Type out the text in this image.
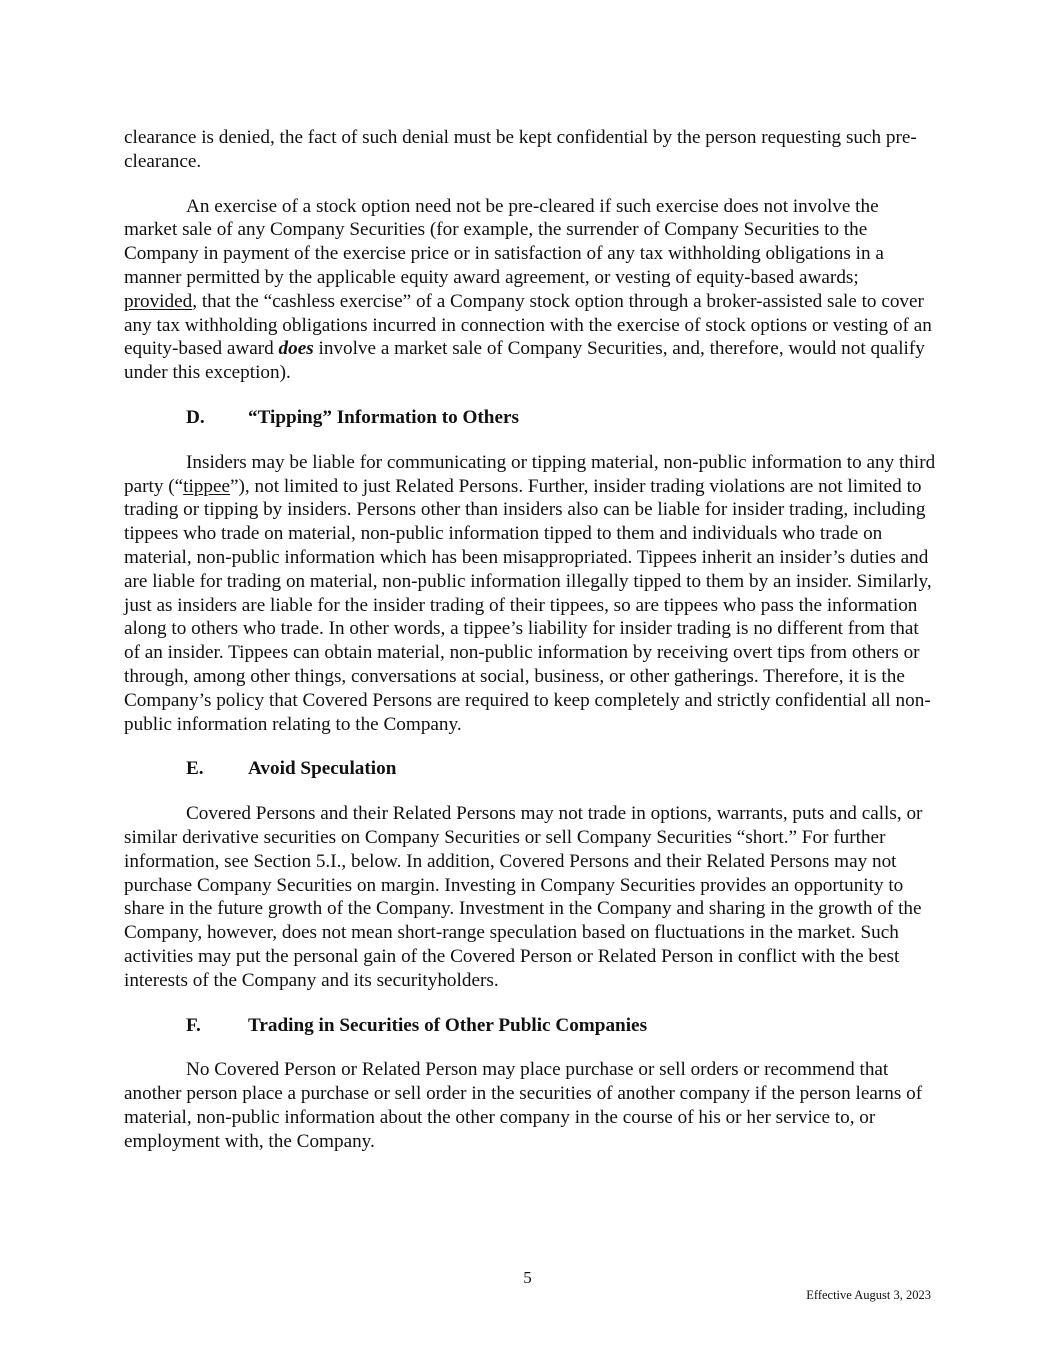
clearance is denied, the fact of such denial must be kept confidential by the person requesting such pre-clearance.

An exercise of a stock option need not be pre-cleared if such exercise does not involve the market sale of any Company Securities (for example, the surrender of Company Securities to the Company in payment of the exercise price or in satisfaction of any tax withholding obligations in a manner permitted by the applicable equity award agreement, or vesting of equity-based awards; provided, that the “cashless exercise” of a Company stock option through a broker-assisted sale to cover any tax withholding obligations incurred in connection with the exercise of stock options or vesting of an equity-based award does involve a market sale of Company Securities, and, therefore, would not qualify under this exception).

D.	“Tipping” Information to Others

Insiders may be liable for communicating or tipping material, non-public information to any third party (“tippee”), not limited to just Related Persons. Further, insider trading violations are not limited to trading or tipping by insiders. Persons other than insiders also can be liable for insider trading, including tippees who trade on material, non-public information tipped to them and individuals who trade on material, non-public information which has been misappropriated. Tippees inherit an insider’s duties and are liable for trading on material, non-public information illegally tipped to them by an insider. Similarly, just as insiders are liable for the insider trading of their tippees, so are tippees who pass the information along to others who trade. In other words, a tippee’s liability for insider trading is no different from that of an insider. Tippees can obtain material, non-public information by receiving overt tips from others or through, among other things, conversations at social, business, or other gatherings. Therefore, it is the Company’s policy that Covered Persons are required to keep completely and strictly confidential all non-public information relating to the Company.

E.	Avoid Speculation

Covered Persons and their Related Persons may not trade in options, warrants, puts and calls, or similar derivative securities on Company Securities or sell Company Securities “short.” For further information, see Section 5.I., below. In addition, Covered Persons and their Related Persons may not purchase Company Securities on margin. Investing in Company Securities provides an opportunity to share in the future growth of the Company. Investment in the Company and sharing in the growth of the Company, however, does not mean short-range speculation based on fluctuations in the market. Such activities may put the personal gain of the Covered Person or Related Person in conflict with the best interests of the Company and its securityholders.

F.	Trading in Securities of Other Public Companies

No Covered Person or Related Person may place purchase or sell orders or recommend that another person place a purchase or sell order in the securities of another company if the person learns of material, non-public information about the other company in the course of his or her service to, or employment with, the Company.

5
Effective August 3, 2023
